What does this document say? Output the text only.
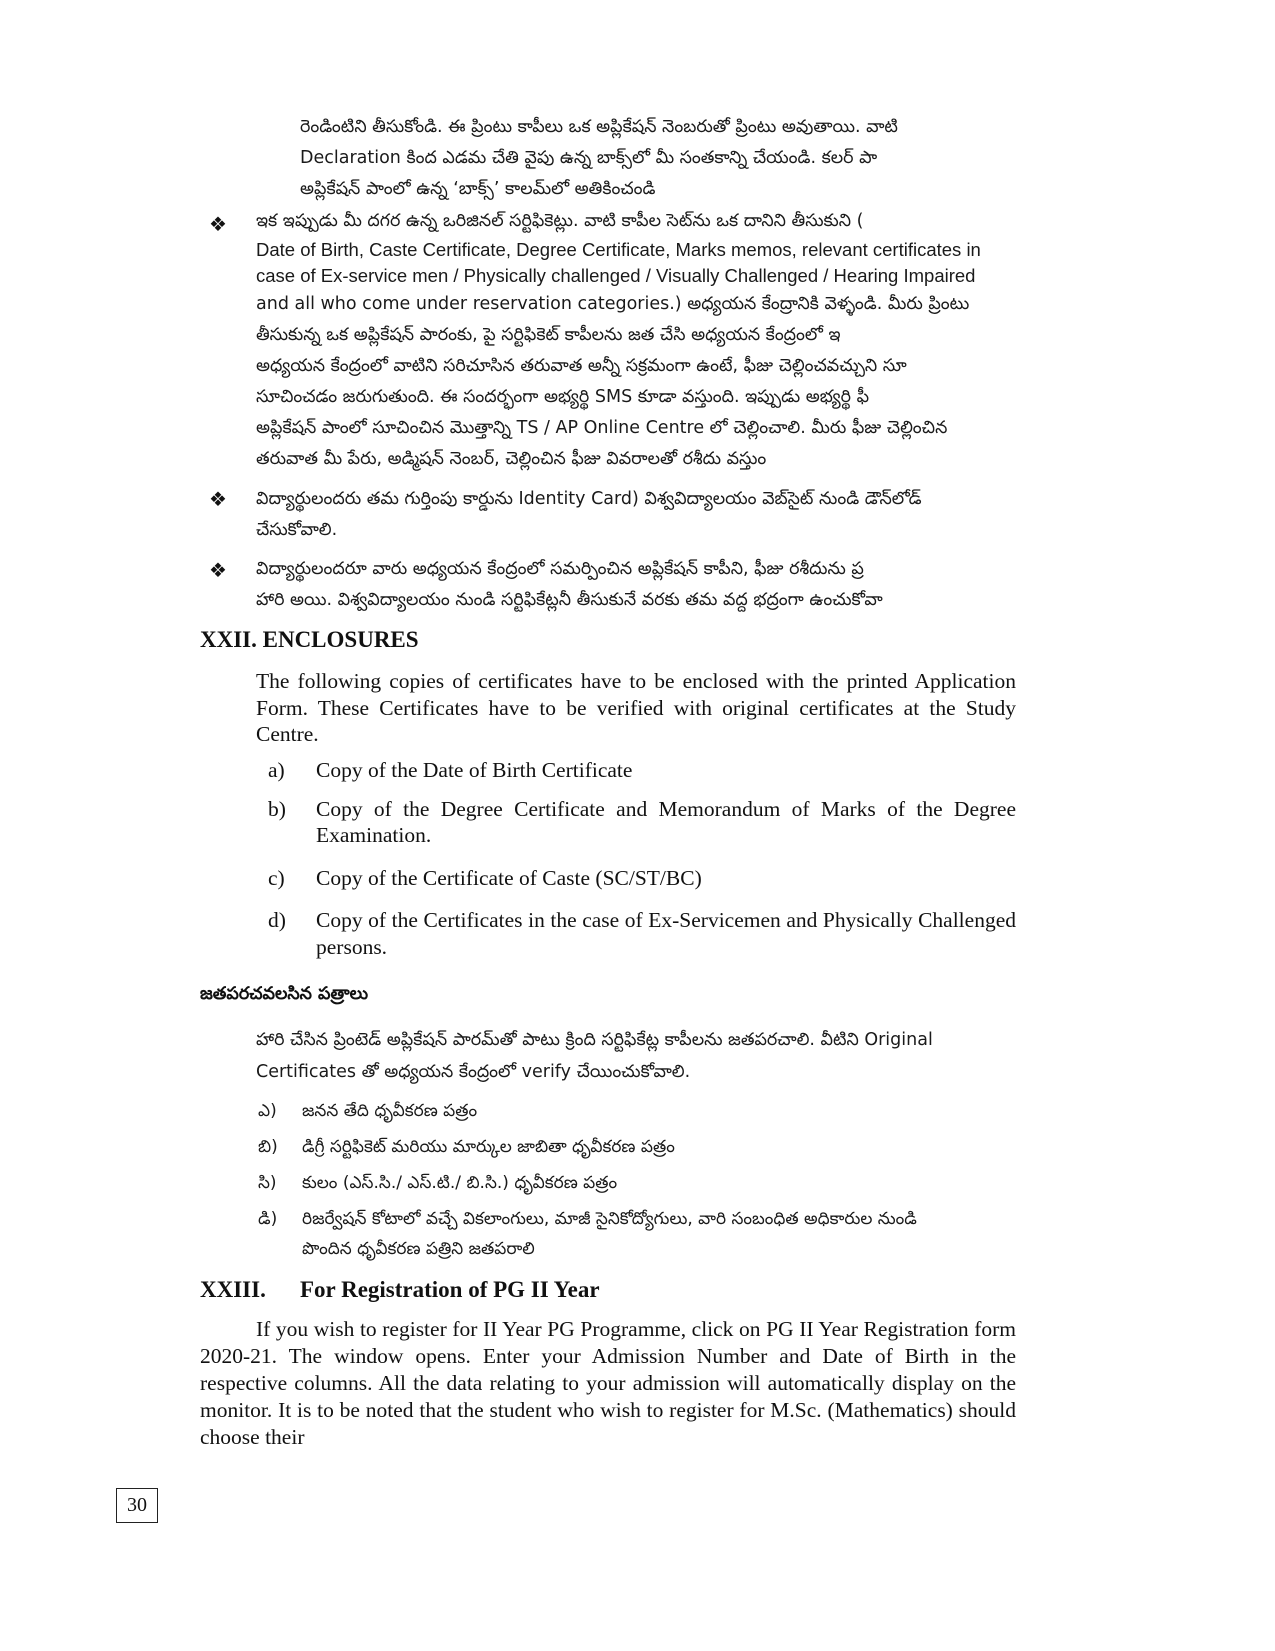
రెండింటిని తీసుకోండి. ఈ ప్రింటు కాపీలు ఒక అప్లికేషన్ నెంబరుతో ప్రింటు అవుతాయి. వాటి

Declaration కింద ఎడమ చేతి వైపు ఉన్న బాక్స్‌లో మీ సంతకాన్ని చేయండి. కలర్ పా

అప్లికేషన్ పాంలో ఉన్న ‘బాక్స్’ కాలమ్‌లో అతికించండి

❖ ఇక ఇప్పుడు మీ దగర ఉన్న ఒరిజినల్ సర్టిఫికెట్లు. వాటి కాపీల సెట్‌ను ఒక దానిని తీసుకుని (

Date of Birth, Caste Certificate, Degree Certificate, Marks memos, relevant certificates in

case of Ex-service men / Physically challenged / Visually Challenged / Hearing Impaired

and all who come under reservation categories.) అధ్యయన కేంద్రానికి వెళ్ళండి. మీరు ప్రింటు

తీసుకున్న ఒక అప్లికేషన్ పారంకు, పై సర్టిఫికెట్ కాపీలను జత చేసి అధ్యయన కేంద్రంలో ఇ

అధ్యయన కేంద్రంలో వాటిని సరిచూసిన తరువాత అన్నీ సక్రమంగా ఉంటే, ఫీజు చెల్లించవచ్చుని సూ

సూచించడం జరుగుతుంది. ఈ సందర్భంగా అభ్యర్థి SMS కూడా వస్తుంది. ఇప్పుడు అభ్యర్థి ఫీ

అప్లికేషన్ పాంలో సూచించిన మొత్తాన్ని TS / AP Online Centre లో చెల్లించాలి. మీరు ఫీజు చెల్లించిన

తరువాత మీ పేరు, అడ్మిషన్ నెంబర్, చెల్లించిన ఫీజు వివరాలతో రశీదు వస్తుం

❖ విద్యార్థులందరు తమ గుర్తింపు కార్డును Identity Card) విశ్వవిద్యాలయం వెబ్‌సైట్ నుండి డౌన్‌లోడ్

చేసుకోవాలి.

❖ విద్యార్థులందరూ వారు అధ్యయన కేంద్రంలో సమర్పించిన అప్లికేషన్ కాపీని, ఫీజు రశీదును ప్ర

హారి అయి. విశ్వవిద్యాలయం నుండి సర్టిఫికేట్లనీ తీసుకునే వరకు తమ వద్ద భద్రంగా ఉంచుకోవా

XXII. ENCLOSURES
The following copies of certificates have to be enclosed with the printed Application Form. These Certificates have to be verified with original certificates at the Study Centre.
a) Copy of the Date of Birth Certificate
b) Copy of the Degree Certificate and Memorandum of Marks of the Degree Examination.
c) Copy of the Certificate of Caste (SC/ST/BC)
d) Copy of the Certificates in the case of Ex-Servicemen and Physically Challenged persons.
జతపరచవలసిన పత్రాలు

హారి చేసిన ప్రింటెడ్ అప్లికేషన్ పారమ్‌తో పాటు క్రింది సర్టిఫికేట్ల కాపీలను జతపరచాలి. వీటిని Original

Certificates తో అధ్యయన కేంద్రంలో verify చేయించుకోవాలి.

ఎ) జనన తేది ధృవీకరణ పత్రం
బి) డిగ్రీ సర్టిఫికెట్ మరియు మార్కుల జాబితా ధృవీకరణ పత్రం
సి) కులం (ఎస్.సి./ ఎస్.టి./ బి.సి.) ధృవీకరణ పత్రం
డి) రిజర్వేషన్ కోటాలో వచ్చే వికలాంగులు, మాజీ సైనికోద్యోగులు, వారి సంబంధిత అధికారుల నుండి
పొందిన ధృవీకరణ పత్రిని జతపరాలి
XXIII. For Registration of PG II Year
If you wish to register for II Year PG Programme, click on PG II Year Registration form 2020-21. The window opens. Enter your Admission Number and Date of Birth in the respective columns. All the data relating to your admission will automatically display on the monitor. It is to be noted that the student who wish to register for M.Sc. (Mathematics) should choose their
30
